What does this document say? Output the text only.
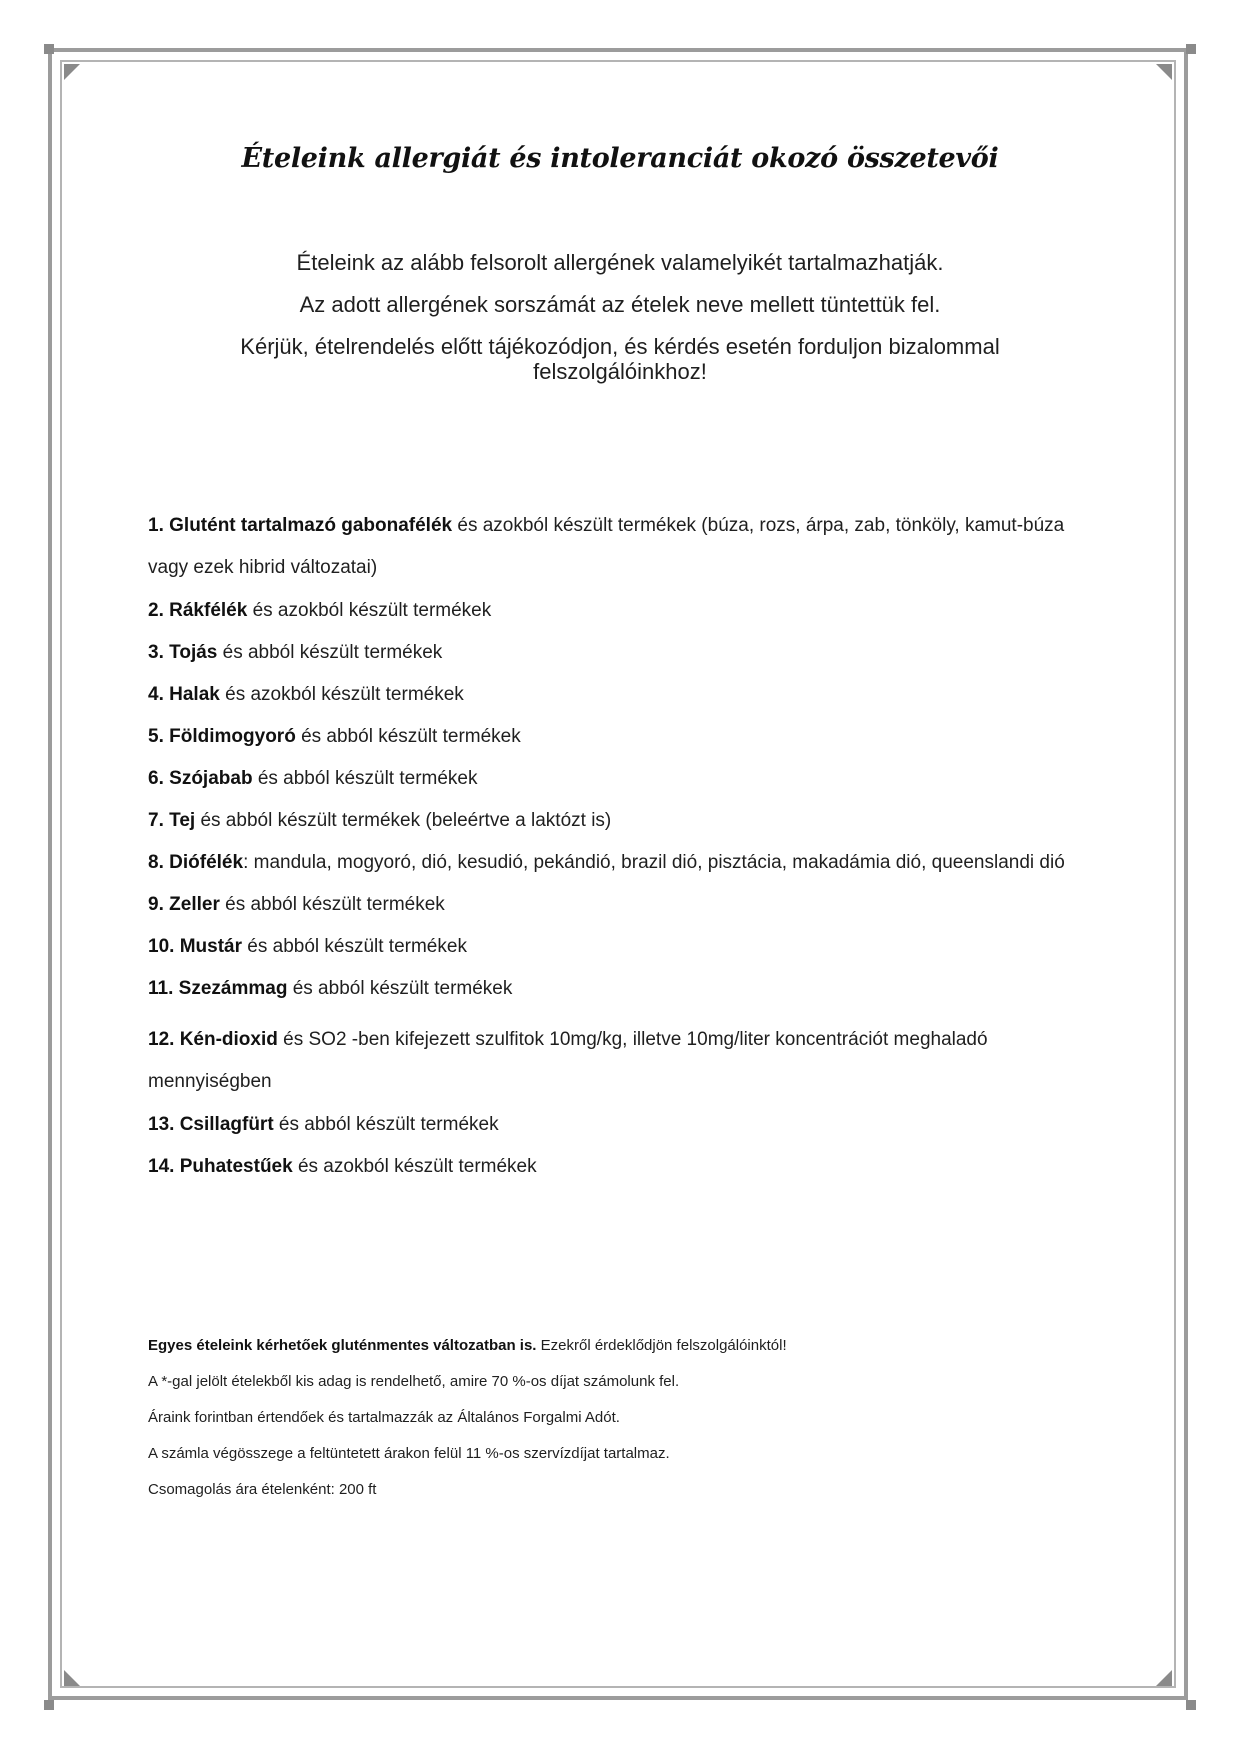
Ételeink allergiát és intoleranciát okozó összetevői

Ételeink az alább felsorolt allergének valamelyikét tartalmazhatják.

Az adott allergének sorszámát az ételek neve mellett tüntettük fel.

Kérjük, ételrendelés előtt tájékozódjon, és kérdés esetén forduljon bizalommal felszolgálóinkhoz!

1. Glutént tartalmazó gabonafélék és azokból készült termékek (búza, rozs, árpa, zab, tönköly, kamut-búza vagy ezek hibrid változatai)
2. Rákfélék és azokból készült termékek
3. Tojás és abból készült termékek
4. Halak és azokból készült termékek
5. Földimogyoró és abból készült termékek
6. Szójabab és abból készült termékek
7. Tej és abból készült termékek (beleértve a laktózt is)
8. Diófélék: mandula, mogyoró, dió, kesudió, pekándió, brazil dió, pisztácia, makadámia dió, queenslandi dió
9. Zeller és abból készült termékek
10. Mustár és abból készült termékek
11. Szezámmag és abból készült termékek
12. Kén-dioxid és SO2 -ben kifejezett szulfitok 10mg/kg, illetve 10mg/liter koncentrációt meghaladó mennyiségben
13. Csillagfürt és abból készült termékek
14. Puhatestűek és azokból készült termékek

Egyes ételeink kérhetőek gluténmentes változatban is. Ezekről érdeklődjön felszolgálóinktól!

A *-gal jelölt ételekből kis adag is rendelhető, amire 70 %-os díjat számolunk fel.

Áraink forintban értendőek és tartalmazzák az Általános Forgalmi Adót.

A számla végösszege a feltüntetett árakon felül 11 %-os szervízdíjat tartalmaz.

Csomagolás ára ételenként: 200 ft
